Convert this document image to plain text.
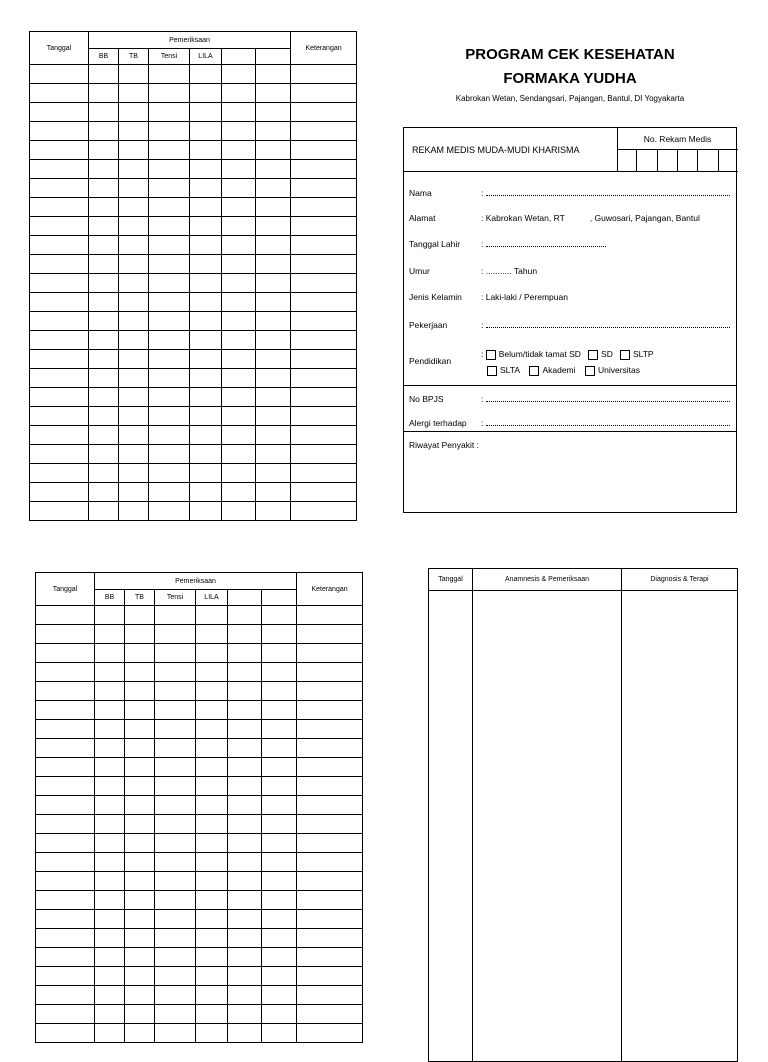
Tanggal	Pemeriksaan						Keterangan
	BB	TB	Tensi	LILA			

								PROGRAM CEK KESEHATAN
FORMAKA YUDHA
Kabrokan Wetan, Sendangsari, Pajangan, Bantul, DI Yogyakarta
REKAM MEDIS MUDA-MUDI KHARISMA
No. Rekam Medis
Nama	:
Alamat	: Kabrokan Wetan, RT	, Guwosari, Pajangan, Bantul
Tanggal Lahir :
Umur	: ........... Tahun
Jenis Kelamin : Laki-laki / Perempuan
Pekerjaan	:
Pendidikan
: Belum/tidak tamat SD SD SLTP
SLTA	Akademi	Universitas
No BPJS	:
Alergi terhadap :
Riwayat Penyakit :
Tanggal	Pemeriksaan						Keterangan
	BB	TB	Tensi	LILA			

Tanggal	Anamnesis & Pemeriksaan	Diagnosis & Terapi
